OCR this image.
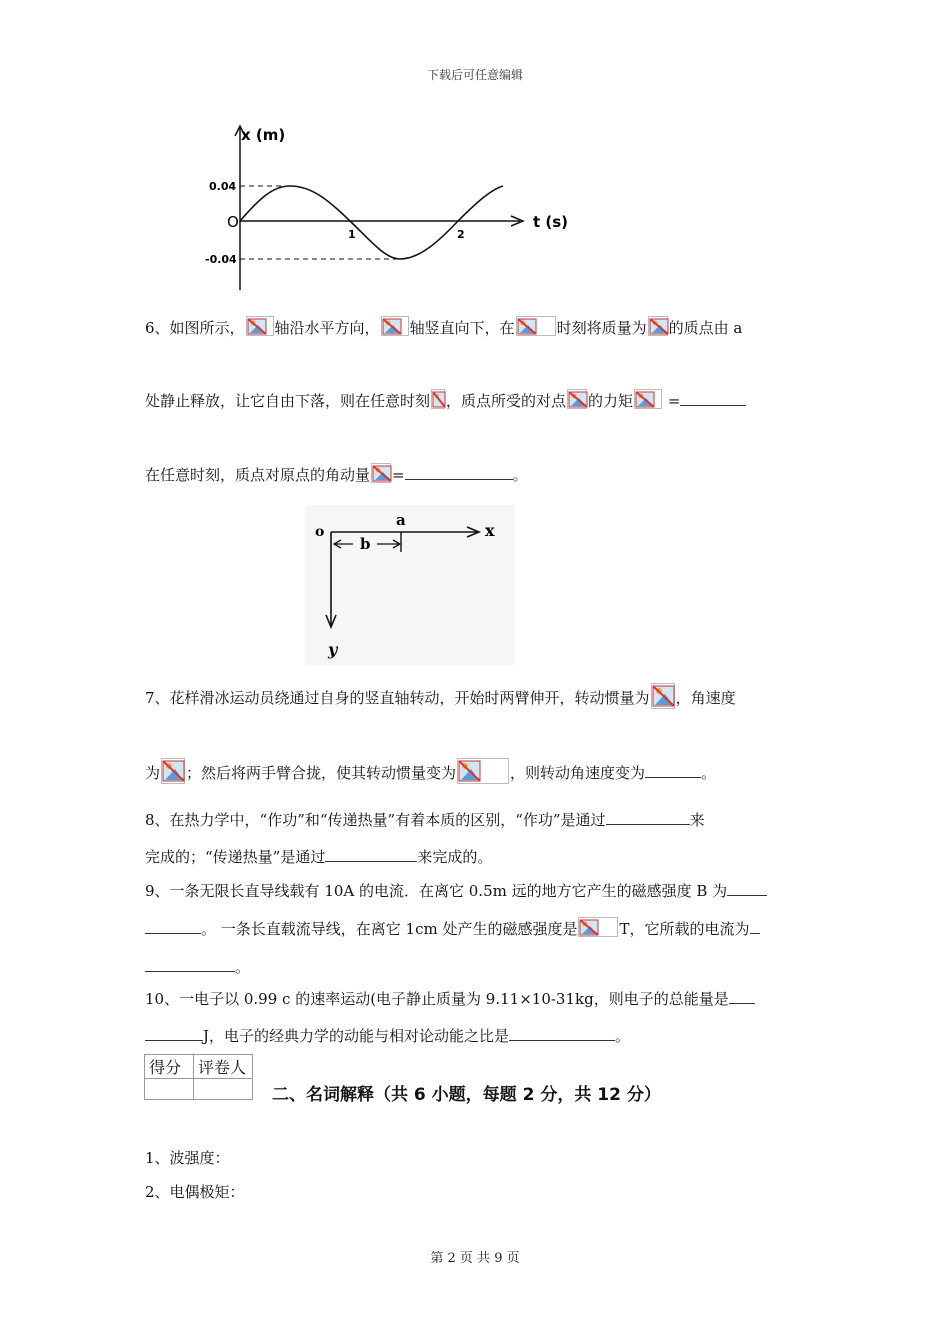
下载后可任意编辑
x (m)
O
0.04
-0.04
1	2
t (s)
6、如图所示， 轴沿水平方向， 轴竖直向下，在	时刻将质量为 的质点由 a
处静止释放，让它自由下落，则在任意时刻 ，质点所受的对点 的力矩
=
在任意时刻，质点对原点的角动量 =	。
o
a
b
x
y
7、花样滑冰运动员绕通过自身的竖直轴转动，开始时两臂伸开，转动惯量为 ，角速度
为 ；然后将两手臂合拢，使其转动惯量变为	，则转动角速度变为	。
8、在热力学中，“作功”和“传递热量”有着本质的区别，“作功”是通过	来
完成的；“传递热量”是通过	来完成的。
9、一条无限长直导线载有 10A 的电流．在离它 0.5m 远的地方它产生的磁感强度 B 为
。 一条长直载流导线，在离它 1cm 处产生的磁感强度是	T，它所载的电流为
。
10、一电子以 0.99 c 的速率运动(电子静止质量为 9.11×10-31kg，则电子的总能量是
J，电子的经典力学的动能与相对论动能之比是	。
得分	评卷人

二、名词解释（共 6 小题，每题 2 分，共 12 分）
1、波强度：
2、电偶极矩：
第 2 页 共 9 页
